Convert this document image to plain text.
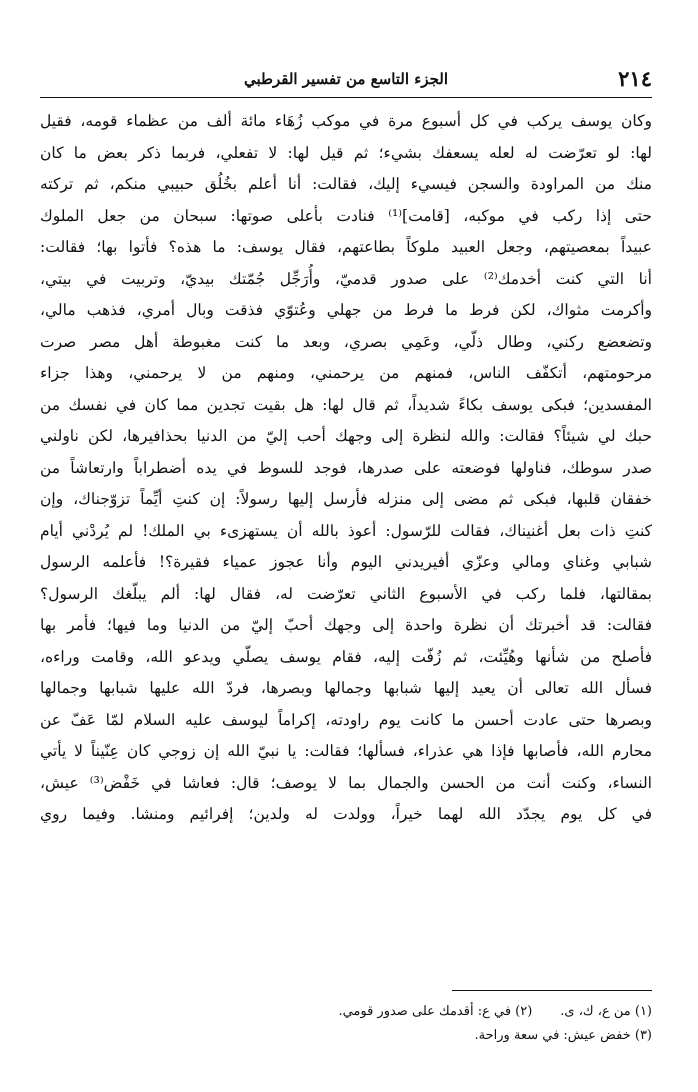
٢١٤
الجزء التاسع من تفسير القرطبي
وكان يوسف يركب في كل أسبوع مرة في موكب زُهَاء مائة ألف من عظماء قومه، فقيل
لها: لو تعرّضت له لعله يسعفك بشيء؛ ثم قيل لها: لا تفعلي، فربما ذكر بعض ما كان
منك من المراودة والسجن فيسيء إليك، فقالت: أنا أعلم بخُلُق حبيبي منكم، ثم تركته
حتى إذا ركب في موكبه، [قامت]⁽¹⁾ فنادت بأعلى صوتها: سبحان من جعل الملوك
عبيداً بمعصيتهم، وجعل العبيد ملوكاً بطاعتهم، فقال يوسف: ما هذه؟ فأتوا بها؛ فقالت:
أنا التي كنت أخدمك⁽²⁾ على صدور قدميّ، وأُرَجِّل جُمّتك بيديّ، وتربيت في بيتي،
وأكرمت مثواك، لكن فرط ما فرط من جهلي وعُتوّي فذقت وبال أمري، فذهب مالي،
وتضعضع ركني، وطال ذلّي، وعَمِي بصري، وبعد ما كنت مغبوطة أهل مصر صرت
مرحومتهم، أتكفّف الناس، فمنهم من يرحمني، ومنهم من لا يرحمني، وهذا جزاء
المفسدين؛ فبكى يوسف بكاءً شديداً، ثم قال لها: هل بقيت تجدين مما كان في نفسك من
حبك لي شيئاً؟ فقالت: والله لنظرة إلى وجهك أحب إليّ من الدنيا بحذافيرها، لكن ناولني
صدر سوطك، فناولها فوضعته على صدرها، فوجد للسوط في يده أضطراباً وارتعاشاً من
خفقان قلبها، فبكى ثم مضى إلى منزله فأرسل إليها رسولاً: إن كنتِ أيِّماً تزوّجناك، وإن
كنتِ ذات بعل أغنيناك، فقالت للرّسول: أعوذ بالله أن يستهزىء بي الملك! لم يُردْني أيام
شبابي وغناي ومالي وعزّي أفيريدني اليوم وأنا عجوز عمياء فقيرة؟! فأعلمه الرسول
بمقالتها، فلما ركب في الأسبوع الثاني تعرّضت له، فقال لها: ألم يبلّغك الرسول؟
فقالت: قد أخبرتك أن نظرة واحدة إلى وجهك أحبّ إليّ من الدنيا وما فيها؛ فأمر بها
فأصلح من شأنها وهُيِّئت، ثم زُفّت إليه، فقام يوسف يصلّي ويدعو الله، وقامت وراءه،
فسأل الله تعالى أن يعيد إليها شبابها وجمالها وبصرها، فردّ الله عليها شبابها وجمالها
وبصرها حتى عادت أحسن ما كانت يوم راودته، إكراماً ليوسف عليه السلام لمّا عَفّ عن
محارم الله، فأصابها فإذا هي عذراء، فسألها؛ فقالت: يا نبيّ الله إن زوجي كان عِنّيناً لا يأتي
النساء، وكنت أنت من الحسن والجمال بما لا يوصف؛ قال: فعاشا في خَفْض⁽³⁾ عيش،
في كل يوم يجدّد الله لهما خيراً، وولدت له ولدين؛ إفرائيم ومنشا. وفيما روي
(١) من ع، ك، ى.(٢) في ع: أقدمك على صدور قومي.
(٣) خفض عيش: في سعة وراحة.
